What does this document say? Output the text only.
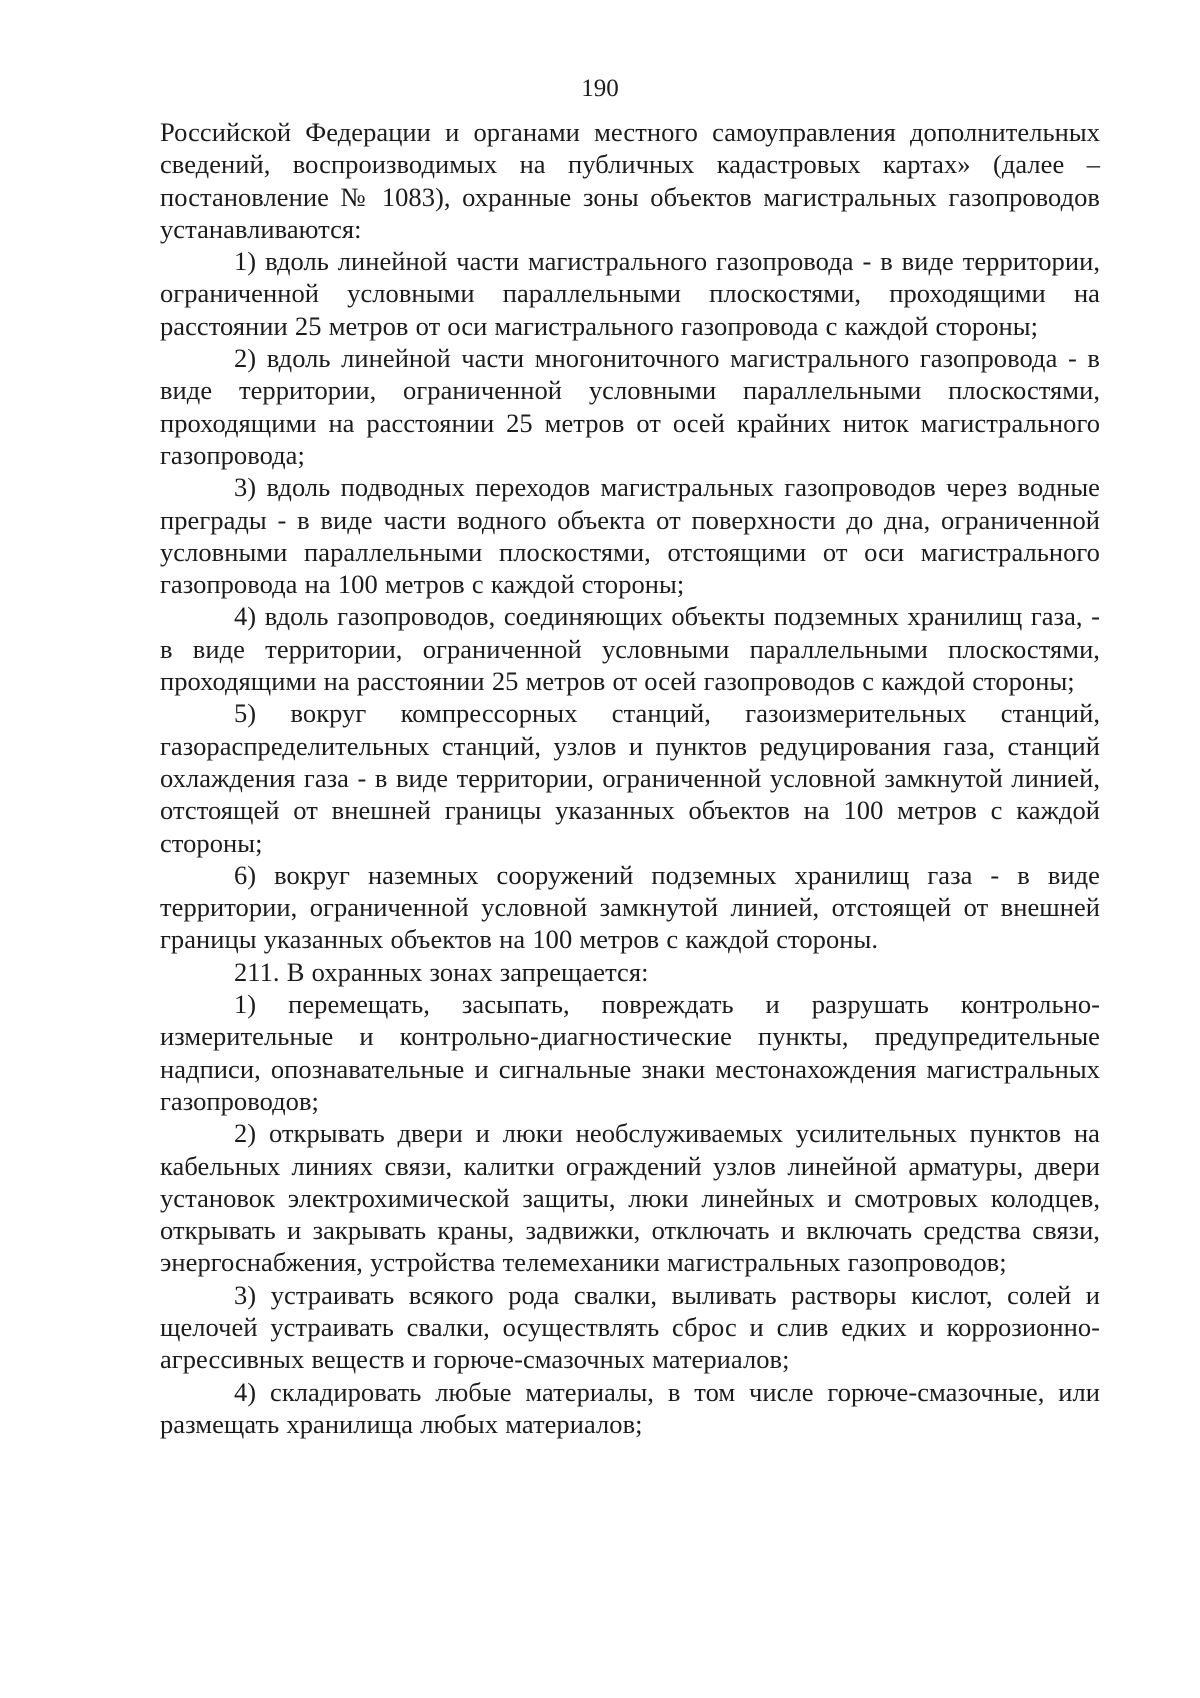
190

Российской Федерации и органами местного самоуправления дополнительных сведений, воспроизводимых на публичных кадастровых картах» (далее – постановление № 1083), охранные зоны объектов магистральных газопроводов устанавливаются:

1) вдоль линейной части магистрального газопровода - в виде территории, ограниченной условными параллельными плоскостями, проходящими на расстоянии 25 метров от оси магистрального газопровода с каждой стороны;

2) вдоль линейной части многониточного магистрального газопровода - в виде территории, ограниченной условными параллельными плоскостями, проходящими на расстоянии 25 метров от осей крайних ниток магистрального газопровода;

3) вдоль подводных переходов магистральных газопроводов через водные преграды - в виде части водного объекта от поверхности до дна, ограниченной условными параллельными плоскостями, отстоящими от оси магистрального газопровода на 100 метров с каждой стороны;

4) вдоль газопроводов, соединяющих объекты подземных хранилищ газа, - в виде территории, ограниченной условными параллельными плоскостями, проходящими на расстоянии 25 метров от осей газопроводов с каждой стороны;

5) вокруг компрессорных станций, газоизмерительных станций, газораспределительных станций, узлов и пунктов редуцирования газа, станций охлаждения газа - в виде территории, ограниченной условной замкнутой линией, отстоящей от внешней границы указанных объектов на 100 метров с каждой стороны;

6) вокруг наземных сооружений подземных хранилищ газа - в виде территории, ограниченной условной замкнутой линией, отстоящей от внешней границы указанных объектов на 100 метров с каждой стороны.

211. В охранных зонах запрещается:

1) перемещать, засыпать, повреждать и разрушать контрольно-измерительные и контрольно-диагностические пункты, предупредительные надписи, опознавательные и сигнальные знаки местонахождения магистральных газопроводов;

2) открывать двери и люки необслуживаемых усилительных пунктов на кабельных линиях связи, калитки ограждений узлов линейной арматуры, двери установок электрохимической защиты, люки линейных и смотровых колодцев, открывать и закрывать краны, задвижки, отключать и включать средства связи, энергоснабжения, устройства телемеханики магистральных газопроводов;

3) устраивать всякого рода свалки, выливать растворы кислот, солей и щелочей устраивать свалки, осуществлять сброс и слив едких и коррозионно-агрессивных веществ и горюче-смазочных материалов;

4) складировать любые материалы, в том числе горюче-смазочные, или размещать хранилища любых материалов;
